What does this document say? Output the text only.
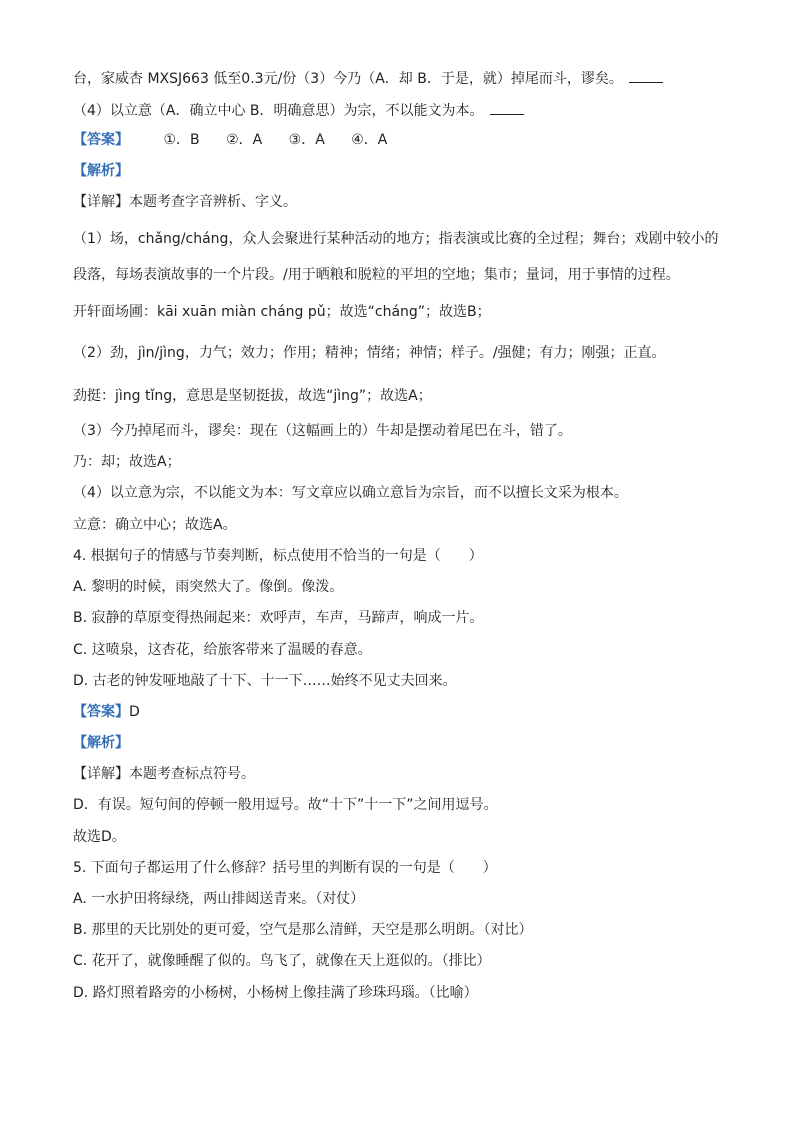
台，家威杏 MXSJ663 低至0.3元/份（3）今乃（A．却 B．于是，就）掉尾而斗，谬矣。
（4）以立意（A．确立中心 B．明确意思）为宗，不以能文为本。
【答案】 ①．B ②．A ③．A ④．A
【解析】
【详解】本题考查字音辨析、字义。
（1）场，chǎng/cháng，众人会聚进行某种活动的地方；指表演或比赛的全过程；舞台；戏剧中较小的
段落，每场表演故事的一个片段。/用于晒粮和脱粒的平坦的空地；集市；量词，用于事情的过程。
开轩面场圃：kāi xuān miàn cháng pǔ；故选“cháng”；故选B；
（2）劲，jìn/jìng，力气；效力；作用；精神；情绪；神情；样子。/强健；有力；刚强；正直。
劲挺：jìng tǐng，意思是坚韧挺拔，故选“jìng”；故选A；
（3）今乃掉尾而斗，谬矣：现在（这幅画上的）牛却是摆动着尾巴在斗，错了。
乃：却；故选A；
（4）以立意为宗，不以能文为本：写文章应以确立意旨为宗旨，而不以擅长文采为根本。
立意：确立中心；故选A。
4. 根据句子的情感与节奏判断，标点使用不恰当的一句是（　　）
A. 黎明的时候，雨突然大了。像倒。像泼。
B. 寂静的草原变得热闹起来：欢呼声，车声，马蹄声，响成一片。
C. 这喷泉，这杏花，给旅客带来了温暖的春意。
D. 古老的钟发哑地敲了十下、十一下……始终不见丈夫回来。
【答案】D
【解析】
【详解】本题考查标点符号。
D．有误。短句间的停顿一般用逗号。故“十下”十一下”之间用逗号。
故选D。
5. 下面句子都运用了什么修辞？括号里的判断有误的一句是（　　）
A. 一水护田将绿绕，两山排闼送青来。（对仗）
B. 那里的天比别处的更可爱，空气是那么清鲜，天空是那么明朗。（对比）
C. 花开了，就像睡醒了似的。鸟飞了，就像在天上逛似的。（排比）
D. 路灯照着路旁的小杨树，小杨树上像挂满了珍珠玛瑙。（比喻）
